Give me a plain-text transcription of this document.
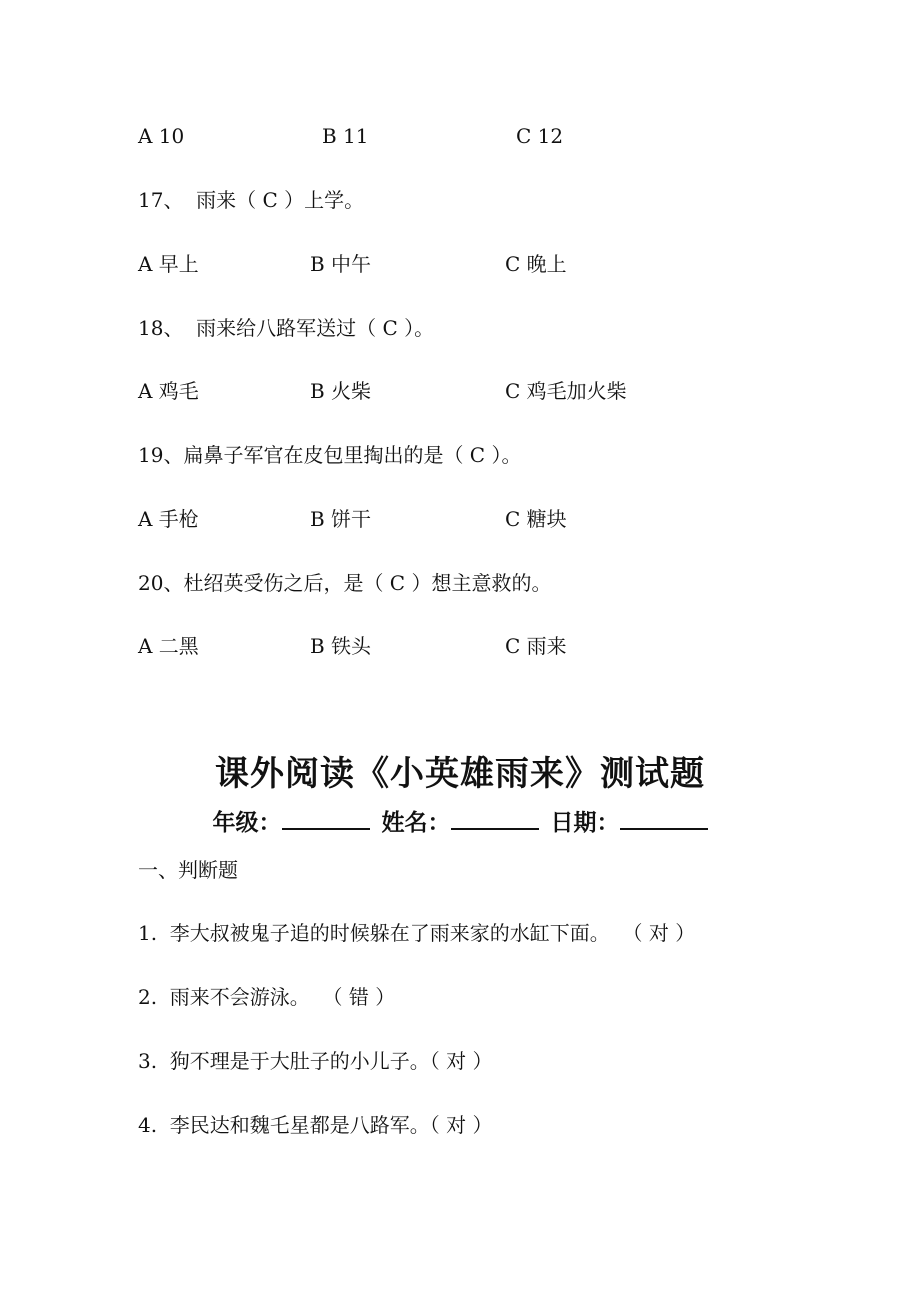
A 10	B 11	C 12
17、  雨来（ C ）上学。
A 早上	B 中午	C 晚上
18、  雨来给八路军送过（ C ）。
A 鸡毛	B 火柴	C 鸡毛加火柴
19、扁鼻子军官在皮包里掏出的是（ C ）。
A 手枪	B 饼干	C 糖块
20、杜绍英受伤之后，是（ C ）想主意救的。
A 二黑	B 铁头	C 雨来
课外阅读《小英雄雨来》测试题
年级：	姓名：	日期：
一、判断题
1.  李大叔被鬼子追的时候躲在了雨来家的水缸下面。  （ 对 ）
2.  雨来不会游泳。  （ 错 ）
3.  狗不理是于大肚子的小儿子。（ 对 ）
4.  李民达和魏乇星都是八路军。（ 对 ）
